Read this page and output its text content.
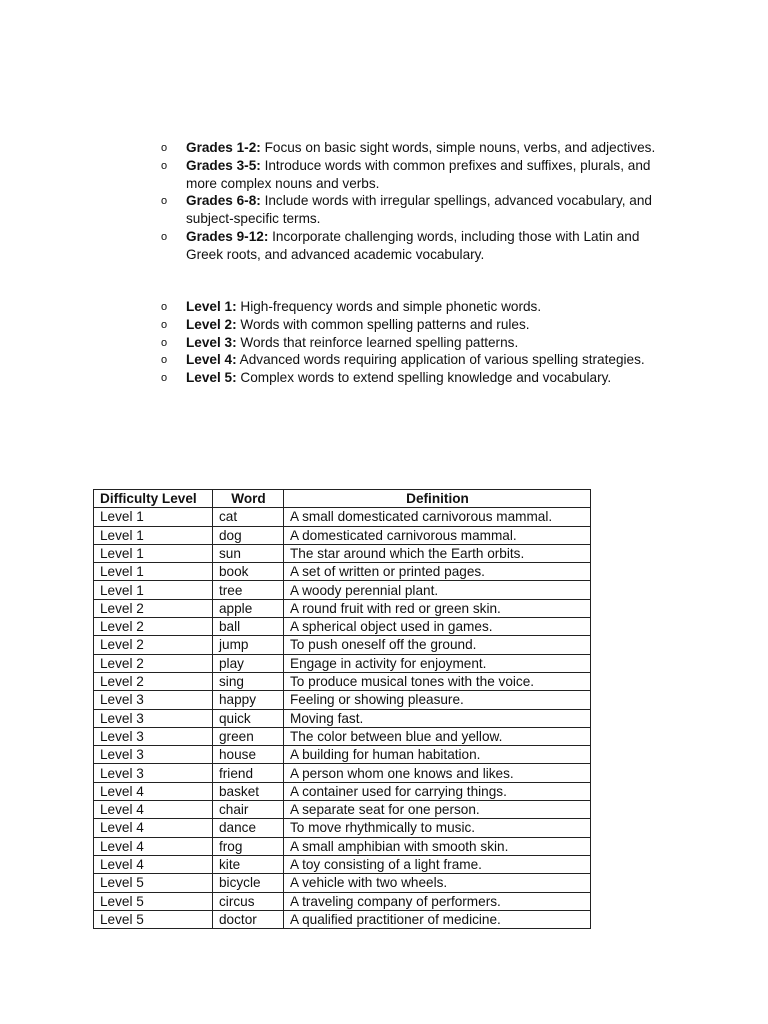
o Grades 1-2: Focus on basic sight words, simple nouns, verbs, and adjectives.
o Grades 3-5: Introduce words with common prefixes and suffixes, plurals, and more complex nouns and verbs.
o Grades 6-8: Include words with irregular spellings, advanced vocabulary, and subject-specific terms.
o Grades 9-12: Incorporate challenging words, including those with Latin and Greek roots, and advanced academic vocabulary.
o Level 1: High-frequency words and simple phonetic words.
o Level 2: Words with common spelling patterns and rules.
o Level 3: Words that reinforce learned spelling patterns.
o Level 4: Advanced words requiring application of various spelling strategies.
o Level 5: Complex words to extend spelling knowledge and vocabulary.
Difficulty Level	Word	Definition
Level 1	cat	A small domesticated carnivorous mammal.
Level 1	dog	A domesticated carnivorous mammal.
Level 1	sun	The star around which the Earth orbits.
Level 1	book	A set of written or printed pages.
Level 1	tree	A woody perennial plant.
Level 2	apple	A round fruit with red or green skin.
Level 2	ball	A spherical object used in games.
Level 2	jump	To push oneself off the ground.
Level 2	play	Engage in activity for enjoyment.
Level 2	sing	To produce musical tones with the voice.
Level 3	happy	Feeling or showing pleasure.
Level 3	quick	Moving fast.
Level 3	green	The color between blue and yellow.
Level 3	house	A building for human habitation.
Level 3	friend	A person whom one knows and likes.
Level 4	basket	A container used for carrying things.
Level 4	chair	A separate seat for one person.
Level 4	dance	To move rhythmically to music.
Level 4	frog	A small amphibian with smooth skin.
Level 4	kite	A toy consisting of a light frame.
Level 5	bicycle	A vehicle with two wheels.
Level 5	circus	A traveling company of performers.
Level 5	doctor	A qualified practitioner of medicine.
